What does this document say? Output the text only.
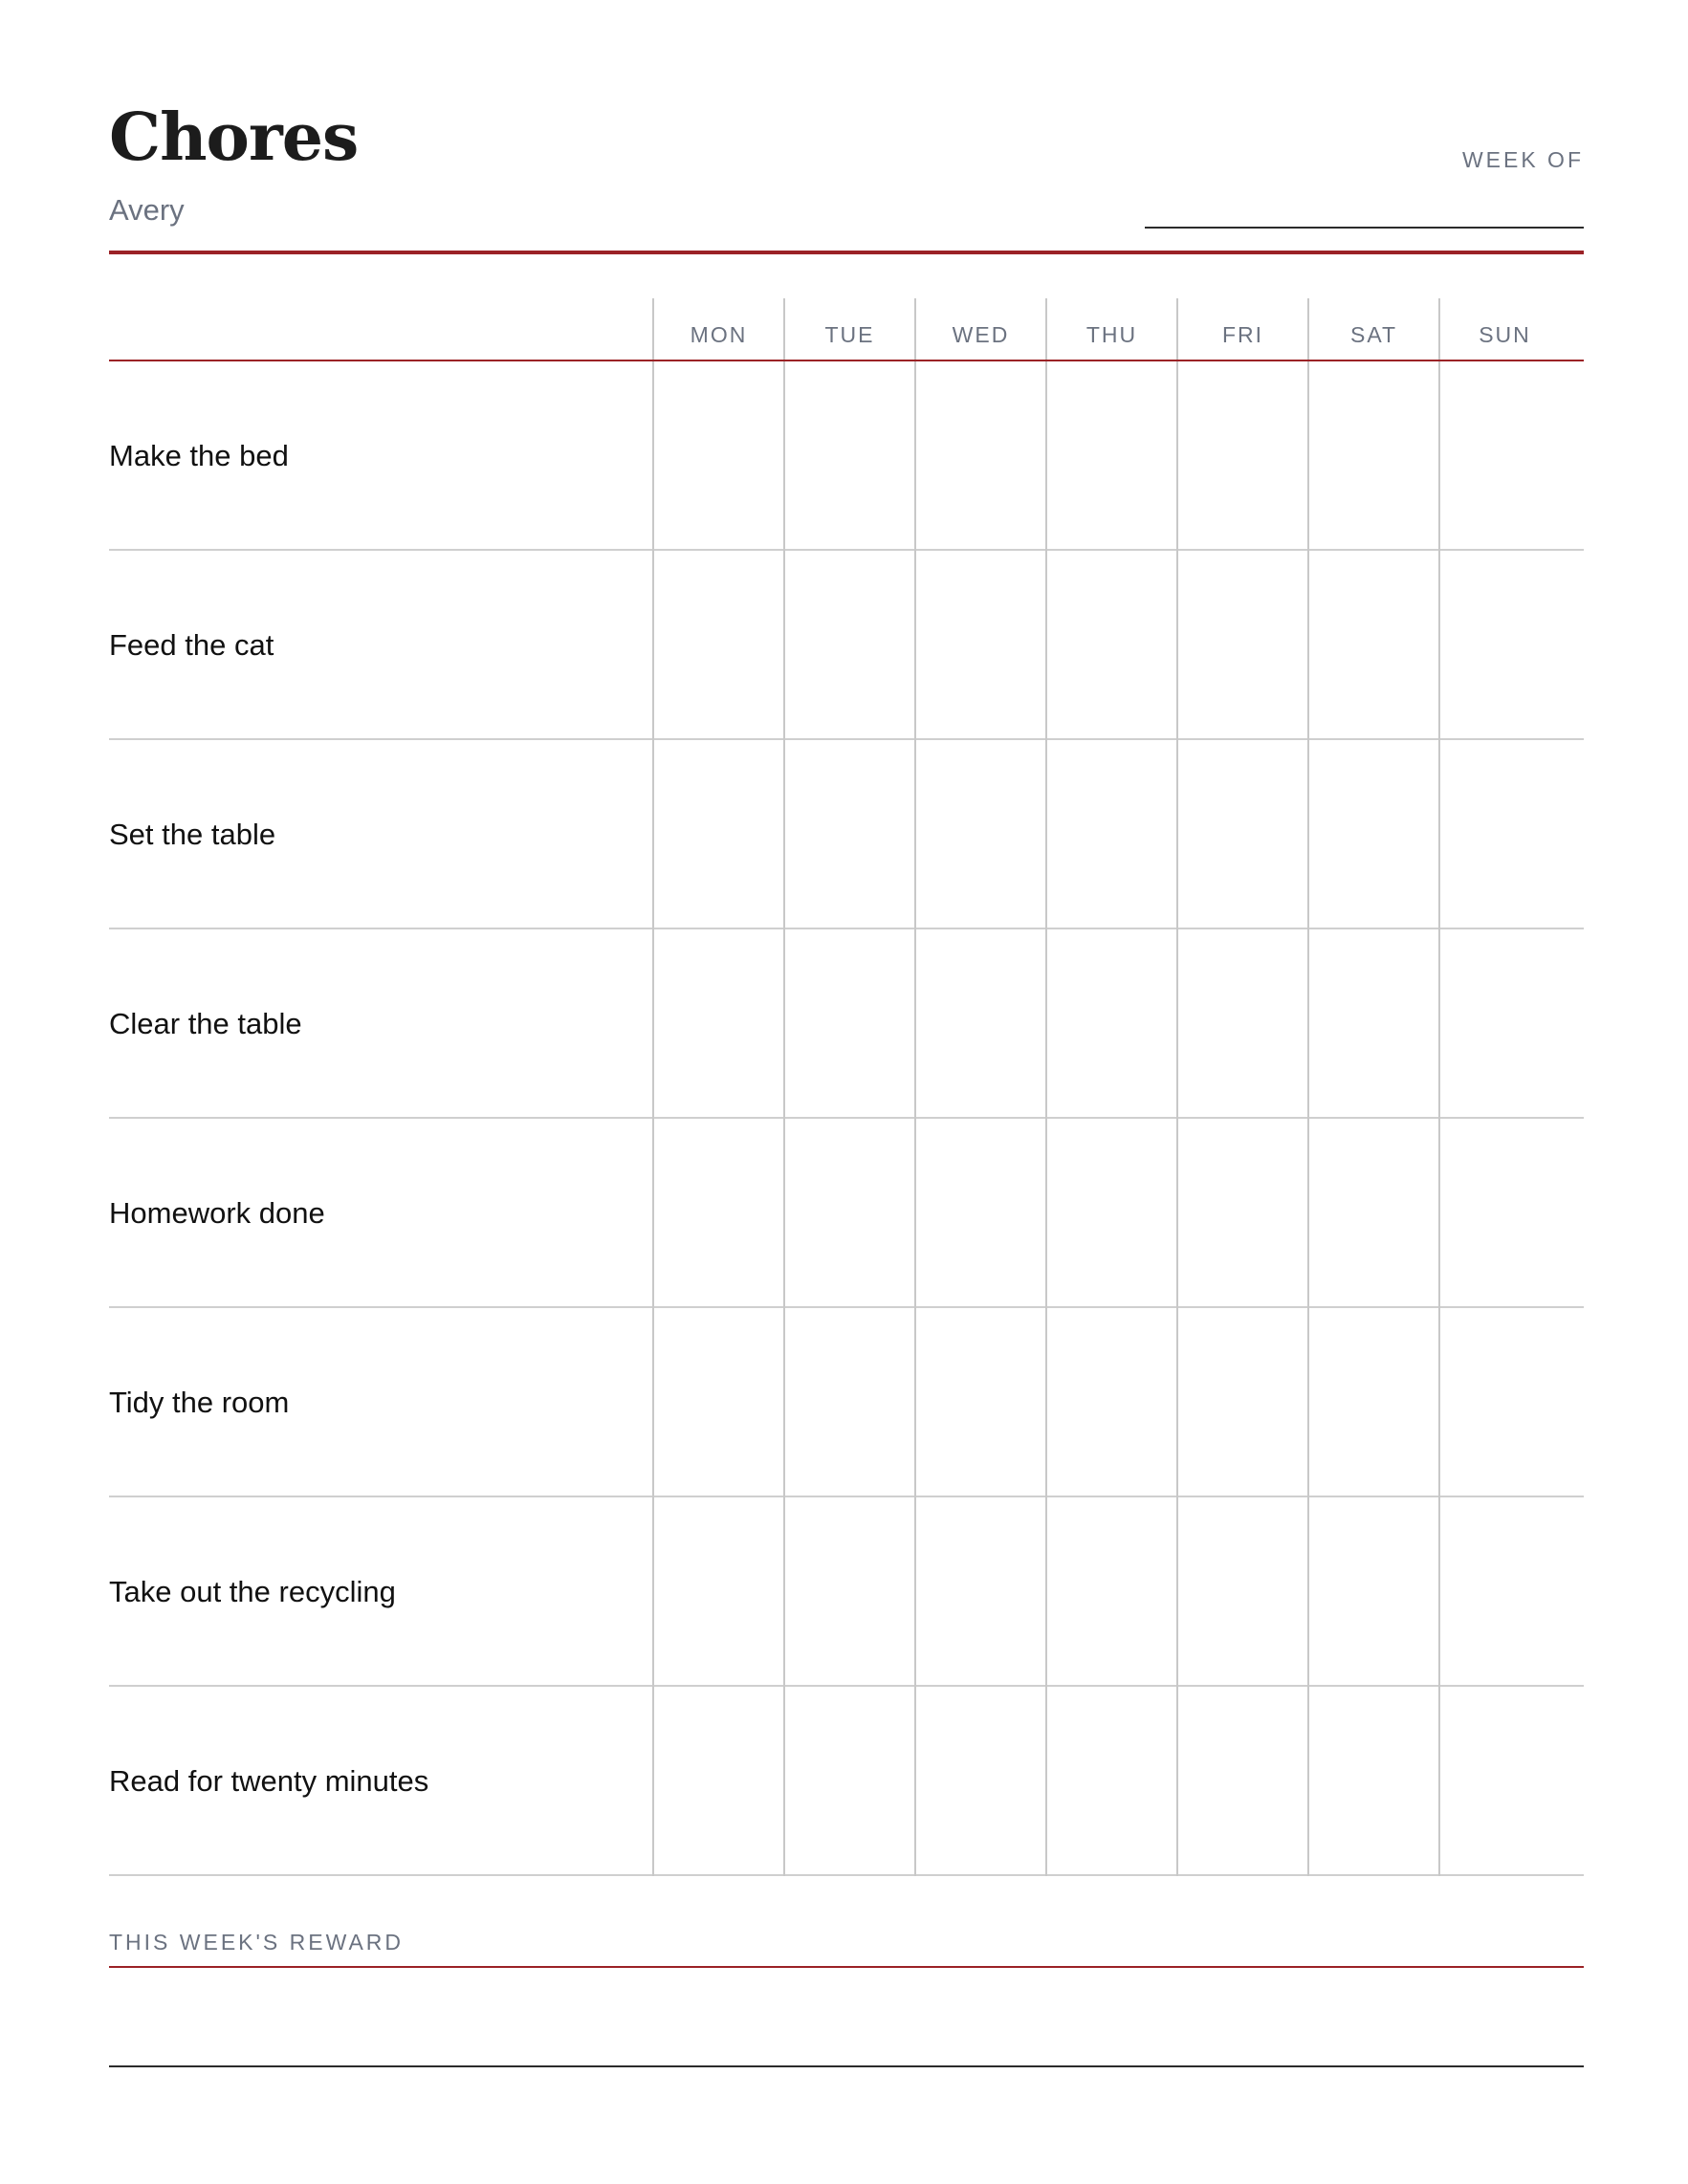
Chores
Avery
WEEK OF
MON	TUE	WED	THU	FRI	SAT	SUN
Make the bed
Feed the cat
Set the table
Clear the table
Homework done
Tidy the room
Take out the recycling
Read for twenty minutes
THIS WEEK'S REWARD
